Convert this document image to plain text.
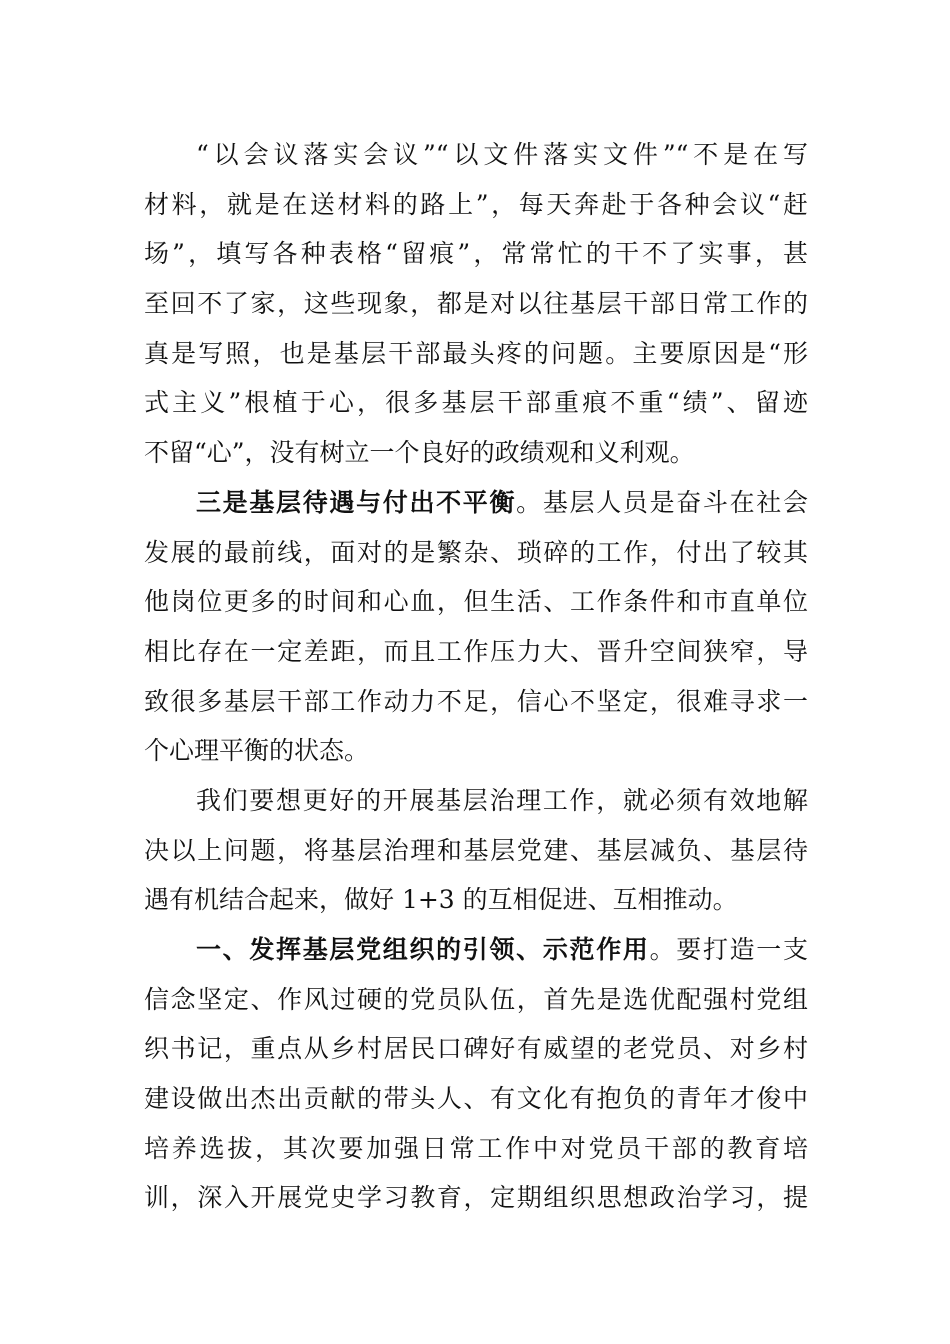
“以会议落实会议”“以文件落实文件”“不是在写
材料，就是在送材料的路上”，每天奔赴于各种会议“赶
场”，填写各种表格“留痕”，常常忙的干不了实事，甚
至回不了家，这些现象，都是对以往基层干部日常工作的
真是写照，也是基层干部最头疼的问题。主要原因是“形
式主义”根植于心，很多基层干部重痕不重“绩”、留迹
不留“心”，没有树立一个良好的政绩观和义利观。
三是基层待遇与付出不平衡。基层人员是奋斗在社会
发展的最前线，面对的是繁杂、琐碎的工作，付出了较其
他岗位更多的时间和心血，但生活、工作条件和市直单位
相比存在一定差距，而且工作压力大、晋升空间狭窄，导
致很多基层干部工作动力不足，信心不坚定，很难寻求一
个心理平衡的状态。
我们要想更好的开展基层治理工作，就必须有效地解
决以上问题，将基层治理和基层党建、基层减负、基层待
遇有机结合起来，做好 1+3 的互相促进、互相推动。
一、发挥基层党组织的引领、示范作用。要打造一支
信念坚定、作风过硬的党员队伍，首先是选优配强村党组
织书记，重点从乡村居民口碑好有威望的老党员、对乡村
建设做出杰出贡献的带头人、有文化有抱负的青年才俊中
培养选拔，其次要加强日常工作中对党员干部的教育培
训，深入开展党史学习教育，定期组织思想政治学习，提
